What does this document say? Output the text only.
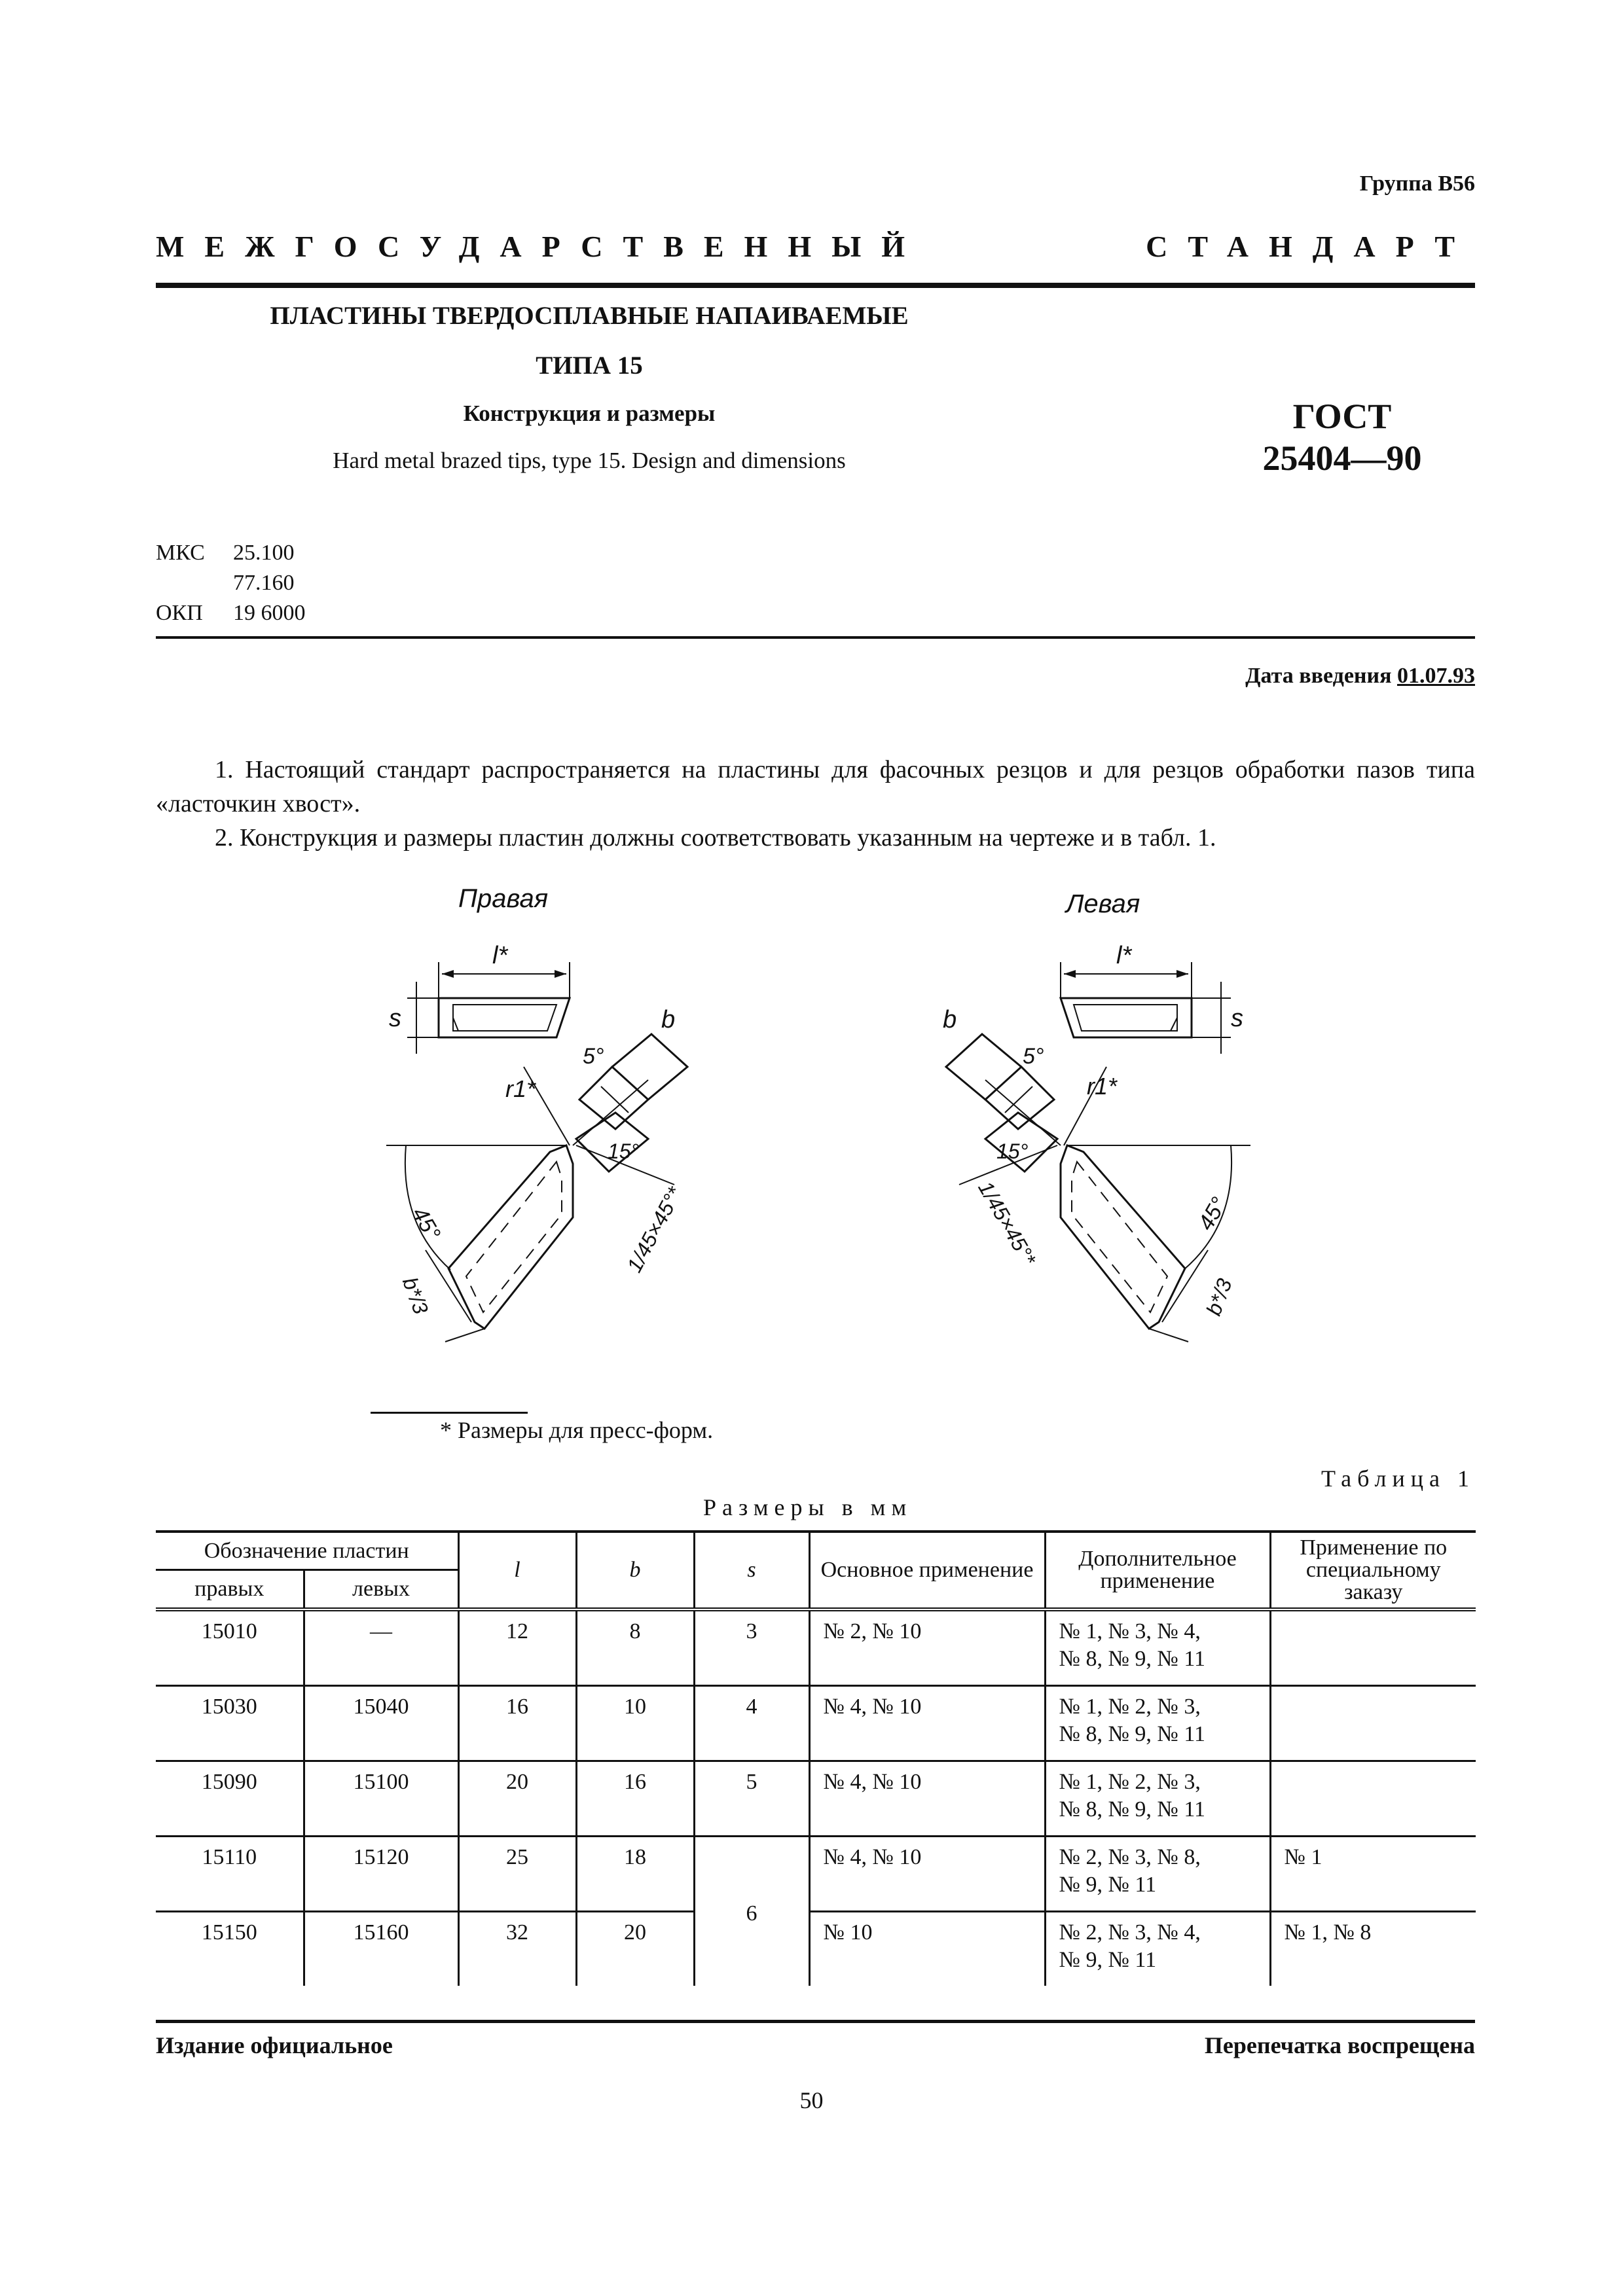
Группа В56
МЕЖГОСУДАРСТВЕННЫЙ СТАНДАРТ
ПЛАСТИНЫ ТВЕРДОСПЛАВНЫЕ НАПАИВАЕМЫЕ
ТИПА 15
Конструкция и размеры
Hard metal brazed tips, type 15. Design and dimensions
ГОСТ
25404—90
МКС	25.100
77.160
ОКП	19 6000
Дата введения 01.07.93

1. Настоящий стандарт распространяется на пластины для фасочных резцов и для резцов обработки пазов типа «ласточкин хвост».

2. Конструкция и размеры пластин должны соответствовать указанным на чертеже и в табл. 1.

Правая
l*
s
45°
b*/3
b
5°
r1*
15°
1/45×45°*
Левая
l*
s
45°
b*/3
b
5°
r1*
15°
1/45×45°*
* Размеры для пресс-форм.
Таблица 1
Размеры в мм
Обозначение пластин		l	b	s	Основное применение	Дополнительное применение	Применение по специальному заказу
правых	левых						
15010	—	12	8	3	№ 2, № 10	№ 1, № 3, № 4,
№ 8, № 9, № 11	

15030	15040	16	10	4	№ 4, № 10	№ 1, № 2, № 3,
№ 8, № 9, № 11	

15090	15100	20	16	5	№ 4, № 10	№ 1, № 2, № 3,
№ 8, № 9, № 11	

15110	15120	25	18	6	№ 4, № 10	№ 2, № 3, № 8,
№ 9, № 11	№ 1
15150	15160	32	20		№ 10	№ 2, № 3, № 4,
№ 9, № 11	№ 1, № 8
Издание официальное	Перепечатка воспрещена
50
